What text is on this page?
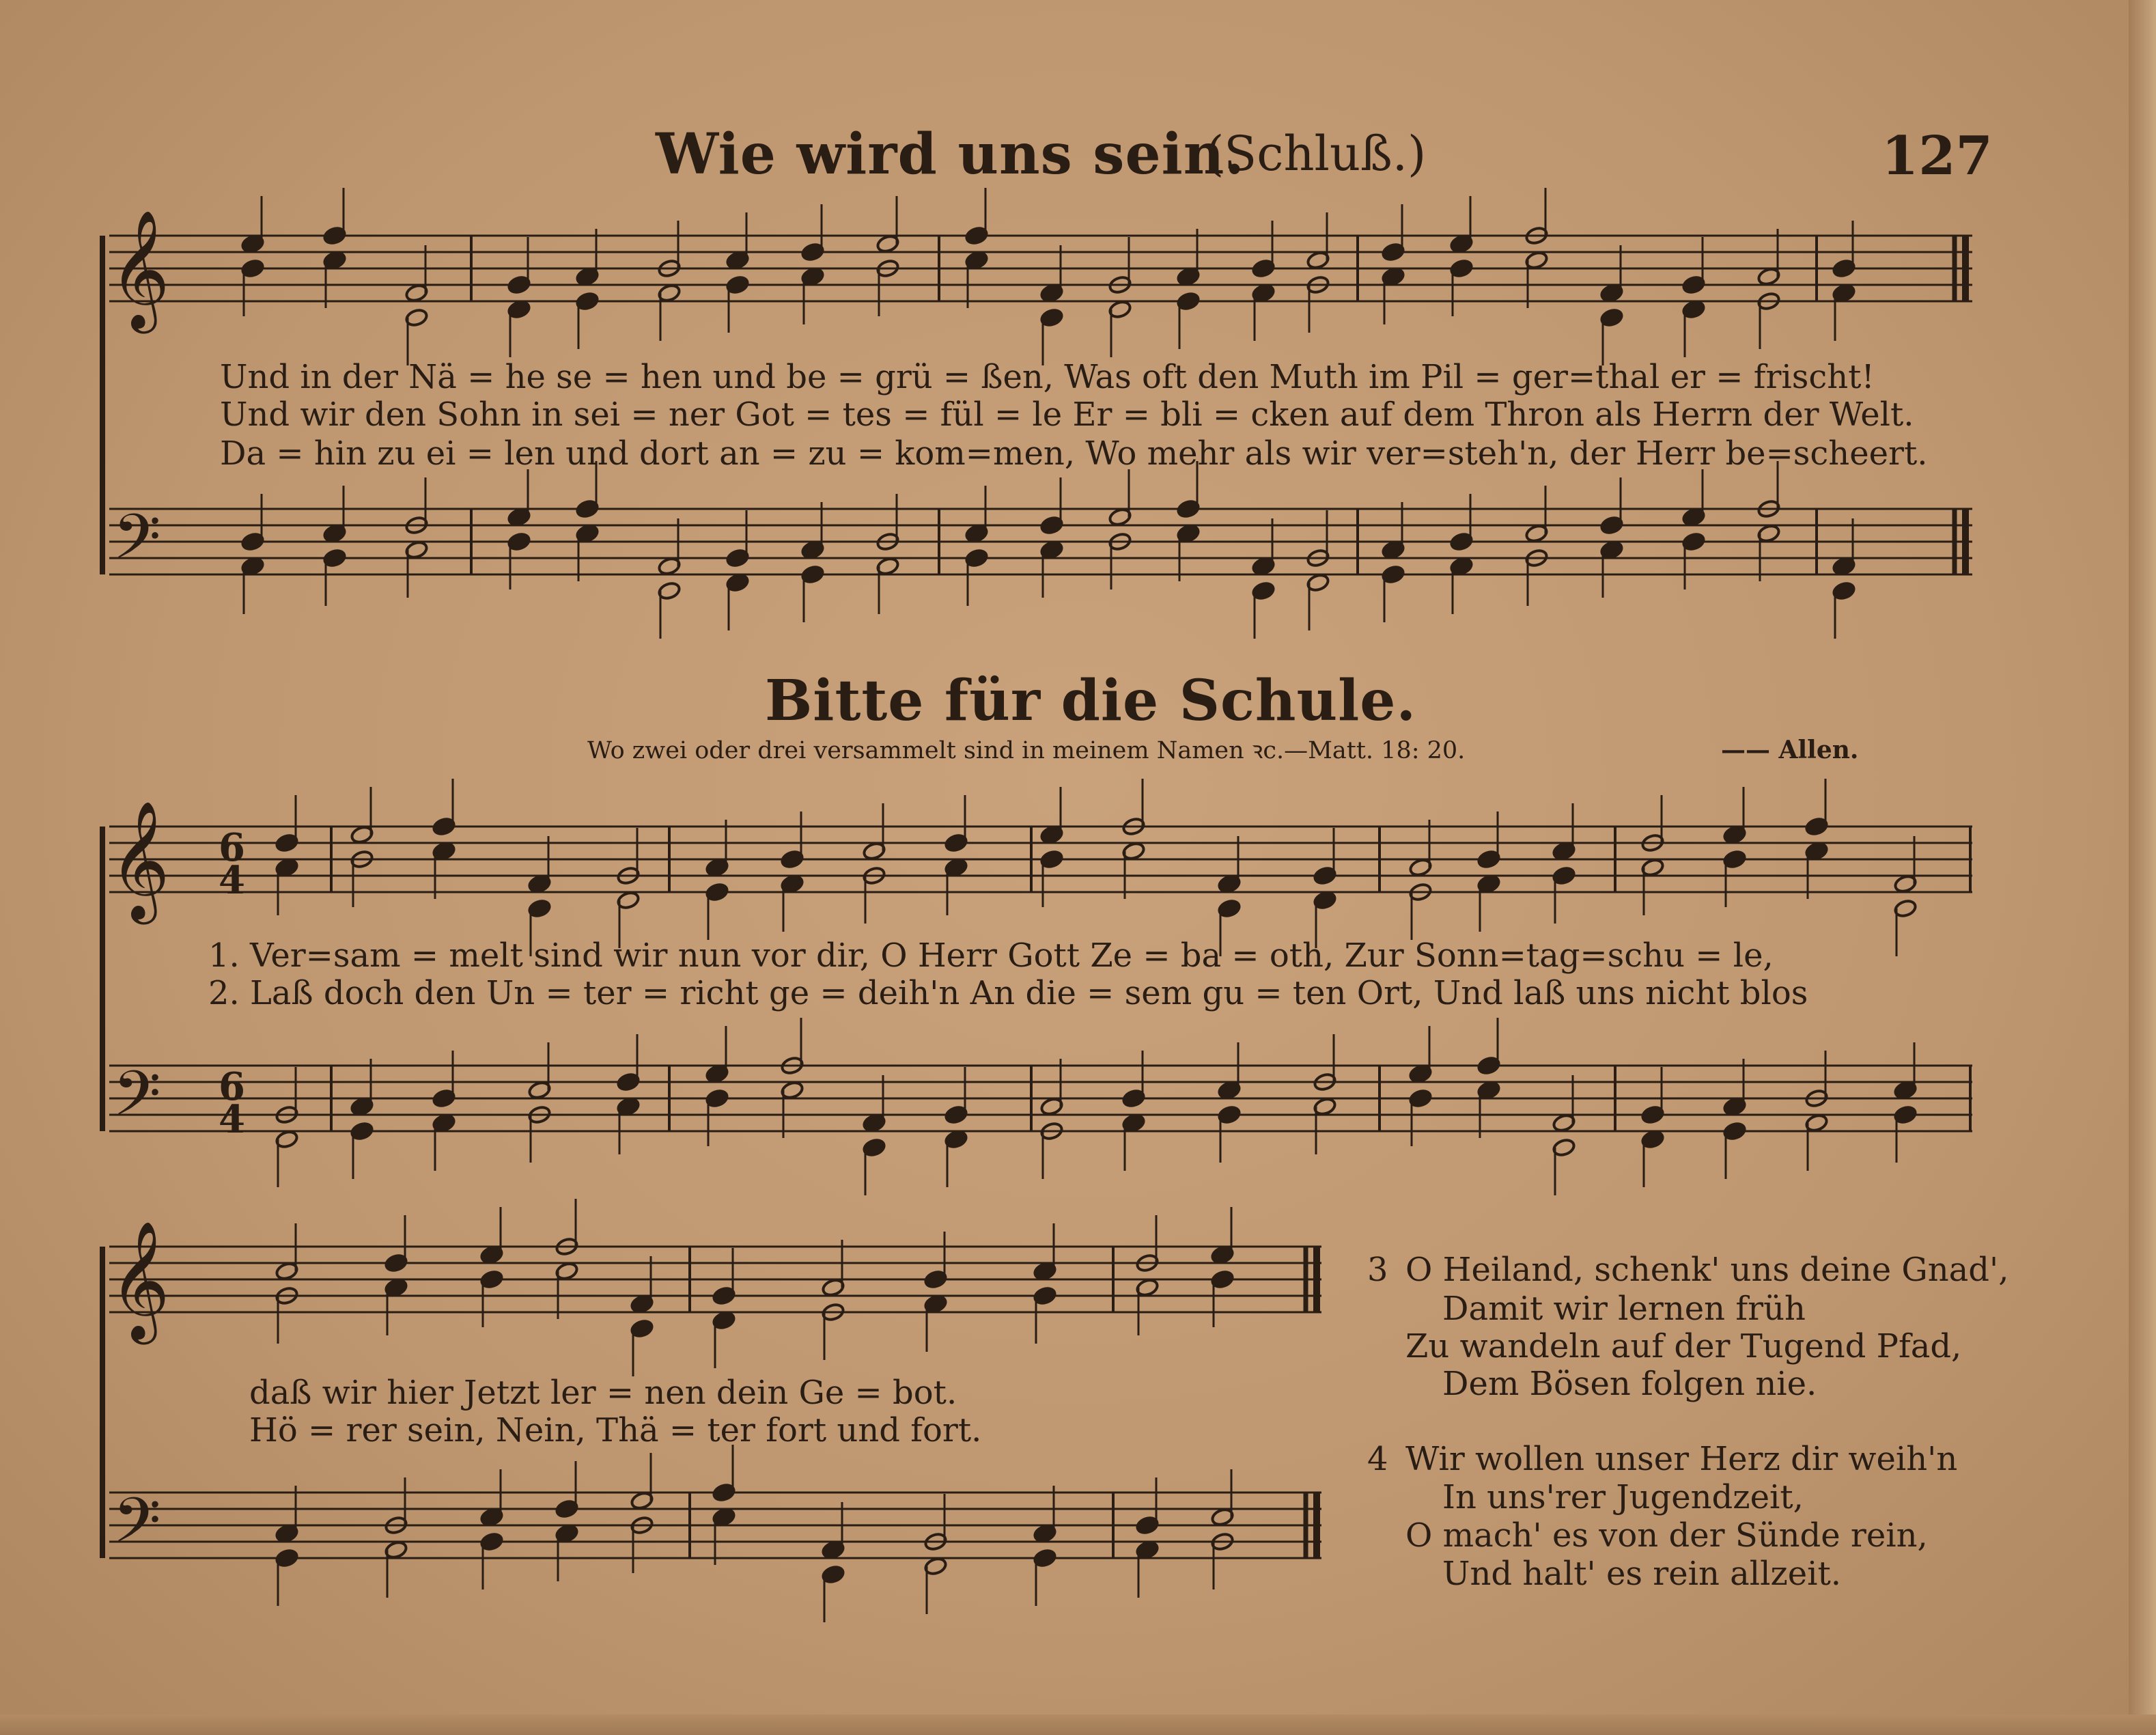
𝄞
𝄢
𝄞
𝄢
6
4
6
4
𝄞
𝄢
Wie wird uns sein.
(Schluß.)	127
Und in der Nä = he se = hen und be = grü = ßen, Was oft den Muth im Pil = ger=thal er = frischt!
Und wir den Sohn in sei = ner Got = tes = fül = le Er = bli = cken auf dem Thron als Herrn der Welt.
Da = hin zu ei = len und dort an = zu = kom=men, Wo mehr als wir ver=steh'n, der Herr be=scheert.
Bitte für die Schule.
Wo zwei oder drei versammelt sind in meinem Namen ꝛc.—Matt. 18: 20.	—— Allen.
1. Ver=sam = melt sind wir nun vor dir, O Herr Gott Ze = ba = oth, Zur Sonn=tag=schu = le,
2. Laß doch den Un = ter = richt ge = deih'n An die = sem gu = ten Ort, Und laß uns nicht blos
daß wir hier Jetzt ler = nen dein Ge = bot.
Hö = rer sein, Nein, Thä = ter fort und fort.
3 O Heiland, schenk' uns deine Gnad',
Damit wir lernen früh
Zu wandeln auf der Tugend Pfad,
Dem Bösen folgen nie.
4 Wir wollen unser Herz dir weih'n
In uns'rer Jugendzeit,
O mach' es von der Sünde rein,
Und halt' es rein allzeit.
